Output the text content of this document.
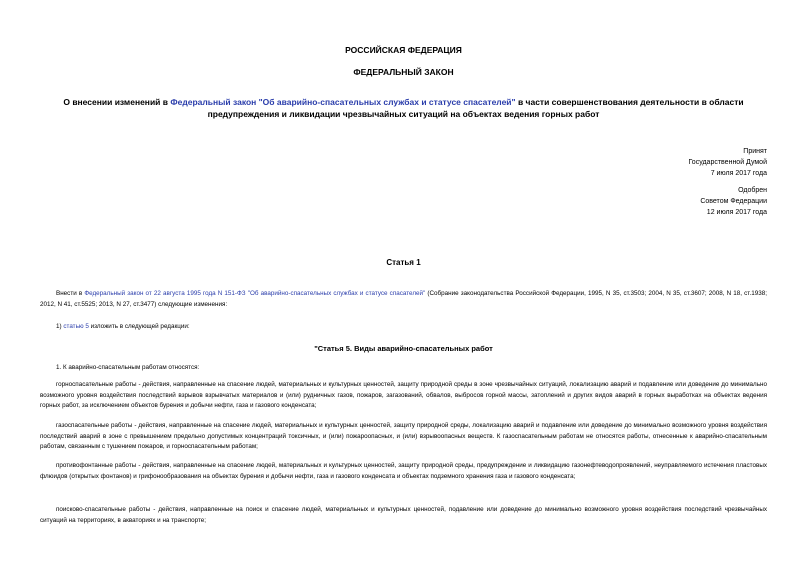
РОССИЙСКАЯ ФЕДЕРАЦИЯ
ФЕДЕРАЛЬНЫЙ ЗАКОН
О внесении изменений в Федеральный закон "Об аварийно-спасательных службах и статусе спасателей" в части совершенствования деятельности в области предупреждения и ликвидации чрезвычайных ситуаций на объектах ведения горных работ
Принят
Государственной Думой
7 июля 2017 года
Одобрен
Советом Федерации
12 июля 2017 года
Статья 1
Внести в Федеральный закон от 22 августа 1995 года N 151-ФЗ "Об аварийно-спасательных службах и статусе спасателей" (Собрание законодательства Российской Федерации, 1995, N 35, ст.3503; 2004, N 35, ст.3607; 2008, N 18, ст.1938; 2012, N 41, ст.5525; 2013, N 27, ст.3477) следующие изменения:
1) статью 5 изложить в следующей редакции:
"Статья 5. Виды аварийно-спасательных работ
1. К аварийно-спасательным работам относятся:
горноспасательные работы - действия, направленные на спасение людей, материальных и культурных ценностей, защиту природной среды в зоне чрезвычайных ситуаций, локализацию аварий и подавление или доведение до минимально возможного уровня воздействия последствий взрывов взрывчатых материалов и (или) рудничных газов, пожаров, загазований, обвалов, выбросов горной массы, затоплений и других видов аварий в горных выработках на объектах ведения горных работ, за исключением объектов бурения и добычи нефти, газа и газового конденсата;
газоспасательные работы - действия, направленные на спасение людей, материальных и культурных ценностей, защиту природной среды, локализацию аварий и подавление или доведение до минимально возможного уровня воздействия последствий аварий в зоне с превышением предельно допустимых концентраций токсичных, и (или) пожароопасных, и (или) взрывоопасных веществ. К газоспасательным работам не относятся работы, отнесенные к аварийно-спасательным работам, связанным с тушением пожаров, и горноспасательным работам;
противофонтанные работы - действия, направленные на спасение людей, материальных и культурных ценностей, защиту природной среды, предупреждение и ликвидацию газонефтеводопроявлений, неуправляемого истечения пластовых флюидов (открытых фонтанов) и грифонообразования на объектах бурения и добычи нефти, газа и газового конденсата и объектах подземного хранения газа и газового конденсата;
поисково-спасательные работы - действия, направленные на поиск и спасение людей, материальных и культурных ценностей, подавление или доведение до минимально возможного уровня воздействия последствий чрезвычайных ситуаций на территориях, в акваториях и на транспорте;
